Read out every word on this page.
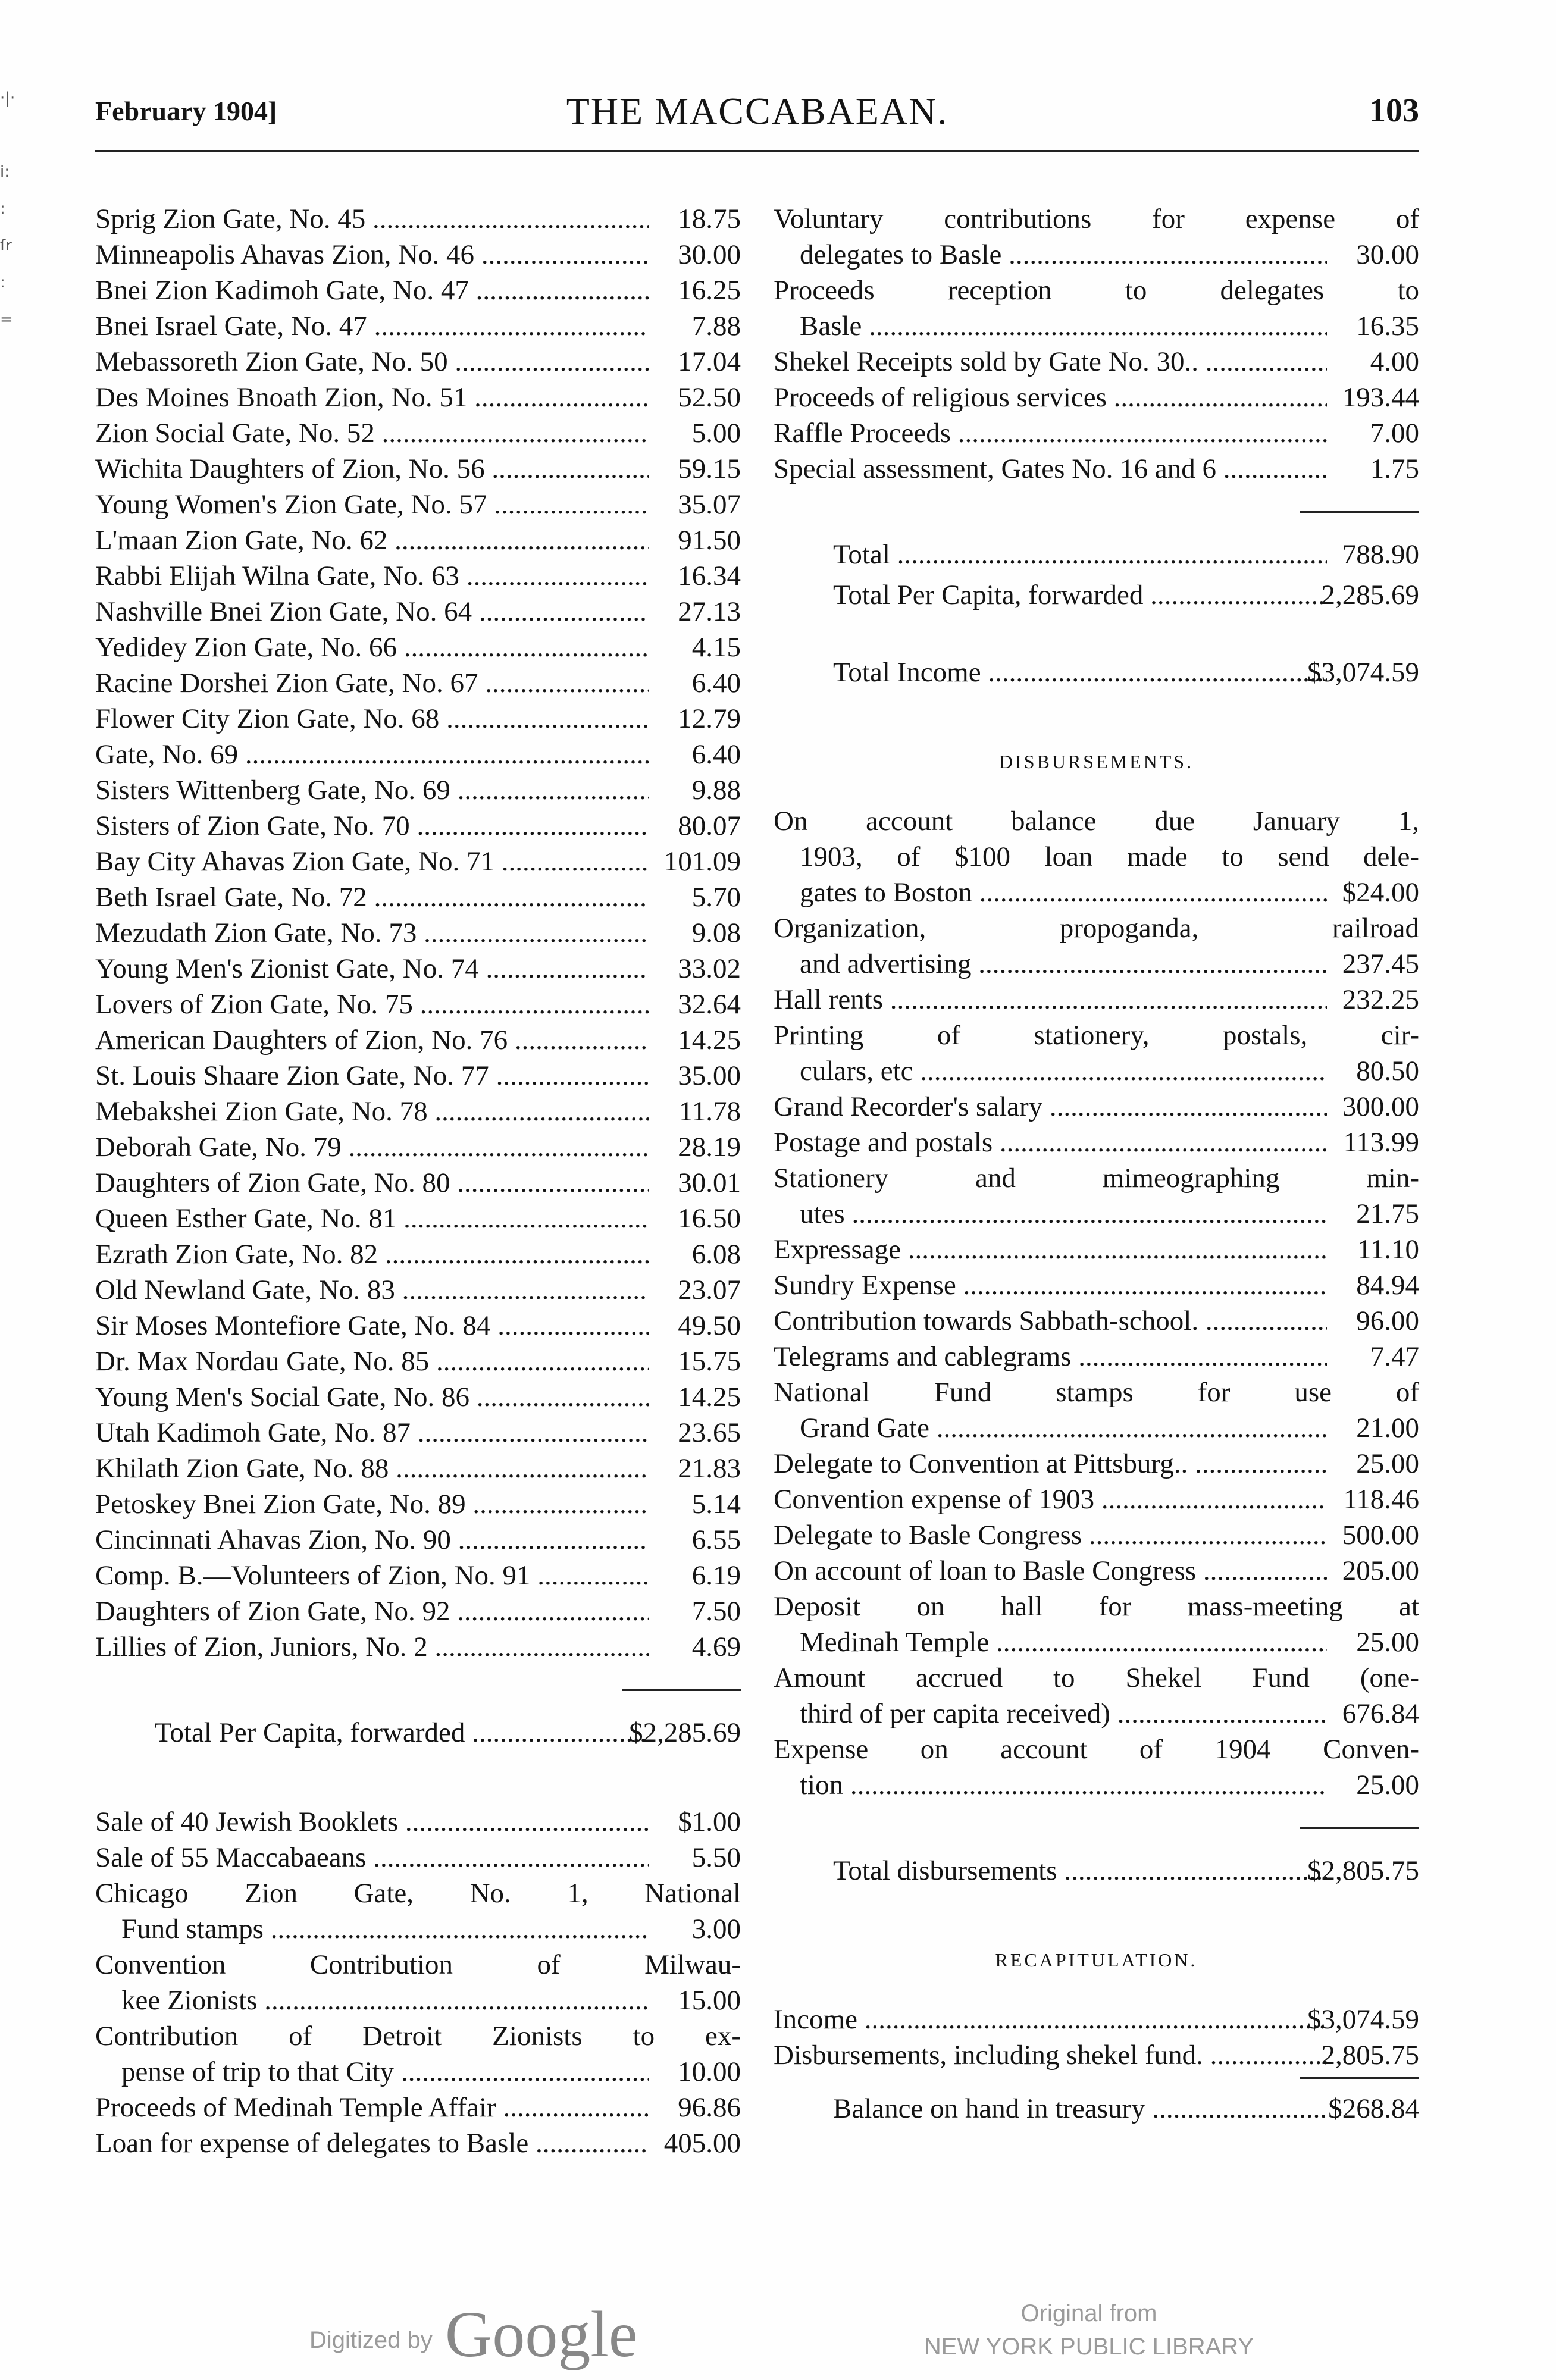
·|·
i:
:
ſr
:
=
February 1904]	THE MACCABAEAN.	103
Sprig Zion Gate, No. 45 .....	18.75
Minneapolis Ahavas Zion, No. 46 .....	30.00
Bnei Zion Kadimoh Gate, No. 47 .....	16.25
Bnei Israel Gate, No. 47 .....	7.88
Mebassoreth Zion Gate, No. 50 .....	17.04
Des Moines Bnoath Zion, No. 51 .....	52.50
Zion Social Gate, No. 52 .....	5.00
Wichita Daughters of Zion, No. 56 .....	59.15
Young Women's Zion Gate, No. 57 .....	35.07
L'maan Zion Gate, No. 62 .....	91.50
Rabbi Elijah Wilna Gate, No. 63 .....	16.34
Nashville Bnei Zion Gate, No. 64 .....	27.13
Yedidey Zion Gate, No. 66 .....	4.15
Racine Dorshei Zion Gate, No. 67 .....	6.40
Flower City Zion Gate, No. 68 .....	12.79
Gate, No. 69 .....	6.40
Sisters Wittenberg Gate, No. 69 .....	9.88
Sisters of Zion Gate, No. 70 .....	80.07
Bay City Ahavas Zion Gate, No. 71 .....	101.09
Beth Israel Gate, No. 72 .....	5.70
Mezudath Zion Gate, No. 73 .....	9.08
Young Men's Zionist Gate, No. 74 .....	33.02
Lovers of Zion Gate, No. 75 .....	32.64
American Daughters of Zion, No. 76 .....	14.25
St. Louis Shaare Zion Gate, No. 77 .....	35.00
Mebakshei Zion Gate, No. 78 .....	11.78
Deborah Gate, No. 79 .....	28.19
Daughters of Zion Gate, No. 80 .....	30.01
Queen Esther Gate, No. 81 .....	16.50
Ezrath Zion Gate, No. 82 .....	6.08
Old Newland Gate, No. 83 .....	23.07
Sir Moses Montefiore Gate, No. 84 .....	49.50
Dr. Max Nordau Gate, No. 85 .....	15.75
Young Men's Social Gate, No. 86 .....	14.25
Utah Kadimoh Gate, No. 87 .....	23.65
Khilath Zion Gate, No. 88 .....	21.83
Petoskey Bnei Zion Gate, No. 89 .....	5.14
Cincinnati Ahavas Zion, No. 90 .....	6.55
Comp. B.—Volunteers of Zion, No. 91 .....	6.19
Daughters of Zion Gate, No. 92 .....	7.50
Lillies of Zion, Juniors, No. 2 .....	4.69
Total Per Capita, forwarded .....	$2,285.69
Sale of 40 Jewish Booklets .....	$1.00
Sale of 55 Maccabaeans .....	5.50
Chicago Zion Gate, No. 1, National
Fund stamps .....	3.00
Convention Contribution of Milwau-
kee Zionists .....	15.00
Contribution of Detroit Zionists to ex-
pense of trip to that City .....	10.00
Proceeds of Medinah Temple Affair .....	96.86
Loan for expense of delegates to Basle .....	405.00
Voluntary contributions for expense of
delegates to Basle .....	30.00
Proceeds reception to delegates to
Basle .....	16.35
Shekel Receipts sold by Gate No. 30.. .....	4.00
Proceeds of religious services .....	193.44
Raffle Proceeds .....	7.00
Special assessment, Gates No. 16 and 6 .....	1.75
Total .....	788.90
Total Per Capita, forwarded .....	2,285.69
Total Income .....	$3,074.59
DISBURSEMENTS.
On account balance due January 1,
1903, of $100 loan made to send dele-
gates to Boston .....	$24.00
Organization, propoganda, railroad
and advertising .....	237.45
Hall rents .....	232.25
Printing of stationery, postals, cir-
culars, etc .....	80.50
Grand Recorder's salary .....	300.00
Postage and postals .....	113.99
Stationery and mimeographing min-
utes .....	21.75
Expressage .....	11.10
Sundry Expense .....	84.94
Contribution towards Sabbath-school. .....	96.00
Telegrams and cablegrams .....	7.47
National Fund stamps for use of
Grand Gate .....	21.00
Delegate to Convention at Pittsburg.. .....	25.00
Convention expense of 1903 .....	118.46
Delegate to Basle Congress .....	500.00
On account of loan to Basle Congress .....	205.00
Deposit on hall for mass-meeting at
Medinah Temple .....	25.00
Amount accrued to Shekel Fund (one-
third of per capita received) .....	676.84
Expense on account of 1904 Conven-
tion .....	25.00
Total disbursements .....	$2,805.75
RECAPITULATION.
Income .....	$3,074.59
Disbursements, including shekel fund. .....	2,805.75
Balance on hand in treasury .....	$268.84
Digitized by Google	Original from
NEW YORK PUBLIC LIBRARY
